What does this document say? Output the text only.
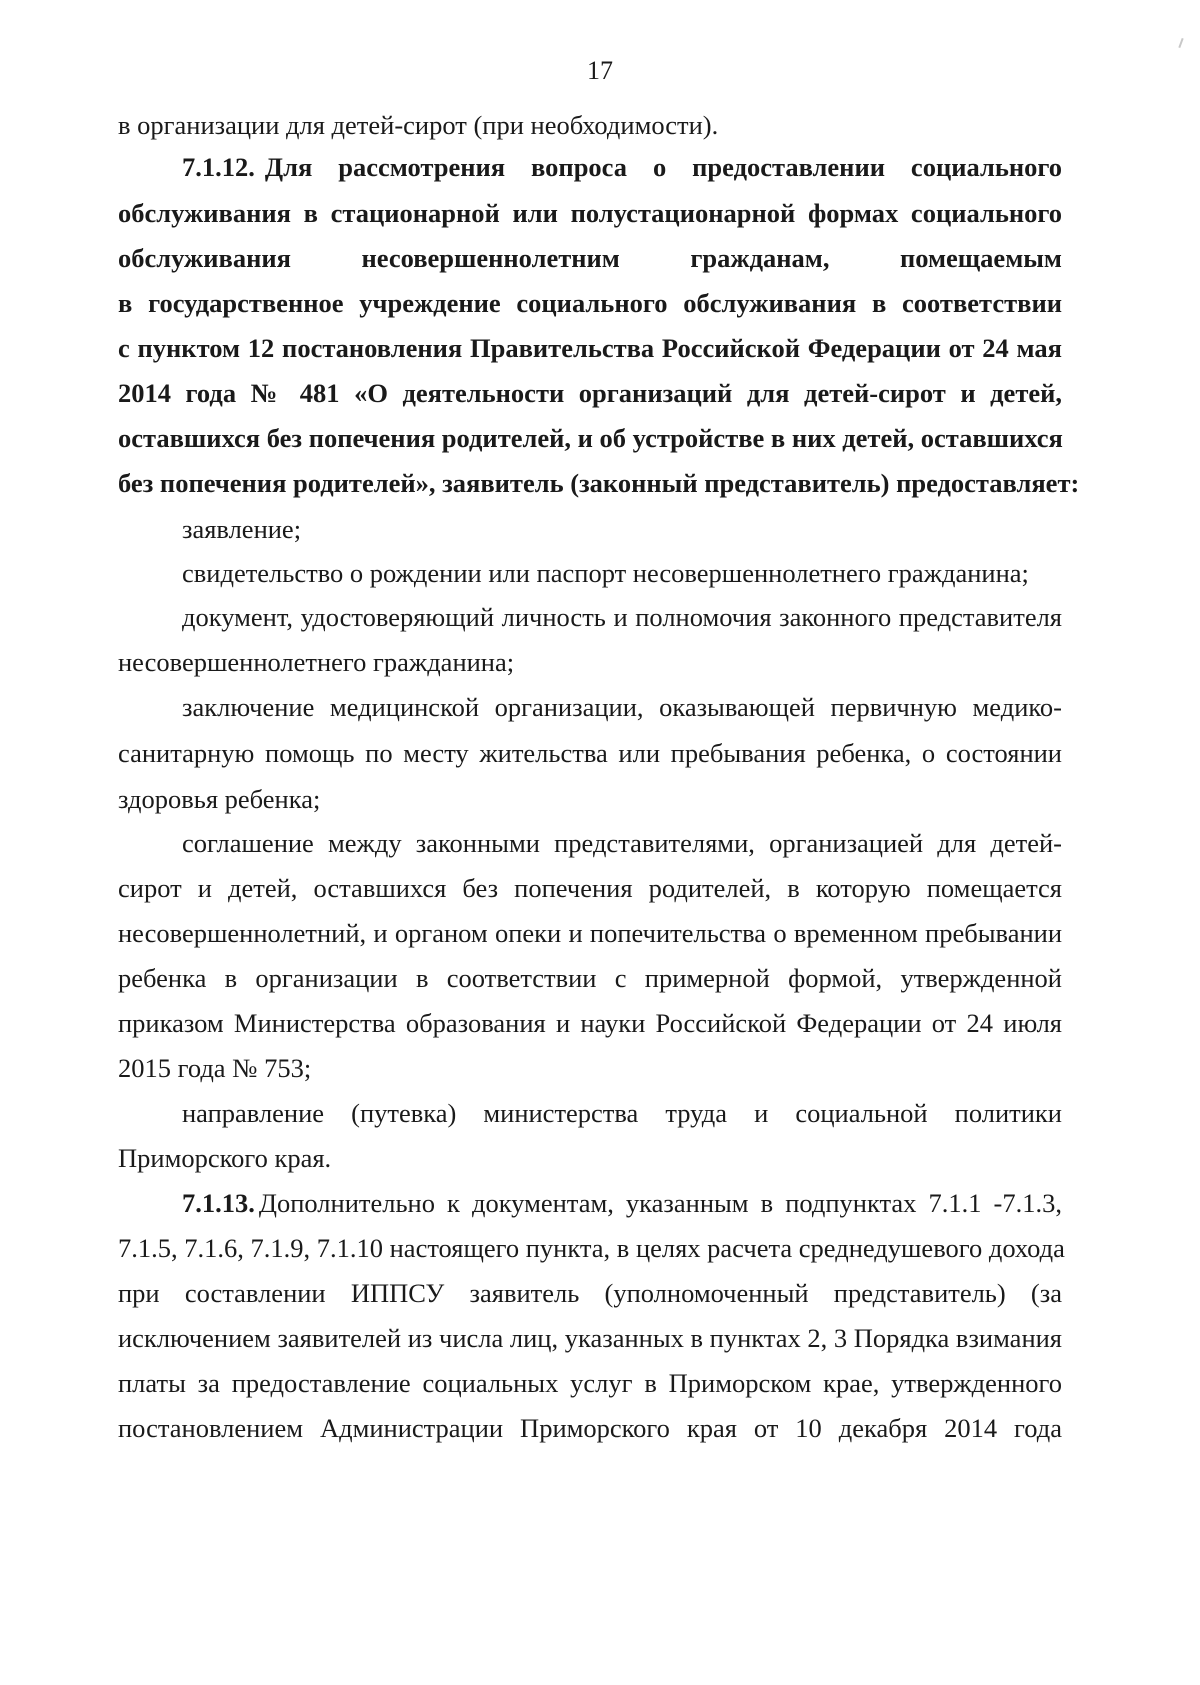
17
в организации для детей-сирот (при необходимости).
7.1.12. Для рассмотрения вопроса о предоставлении социального
обслуживания в стационарной или полустационарной формах социального
обслуживания несовершеннолетним гражданам, помещаемым
в государственное учреждение социального обслуживания в соответствии
с пунктом 12 постановления Правительства Российской Федерации от 24 мая
2014 года № 481 «О деятельности организаций для детей-сирот и детей,
оставшихся без попечения родителей, и об устройстве в них детей, оставшихся
без попечения родителей», заявитель (законный представитель) предоставляет:
заявление;
свидетельство о рождении или паспорт несовершеннолетнего гражданина;
документ, удостоверяющий личность и полномочия законного представителя
несовершеннолетнего гражданина;
заключение медицинской организации, оказывающей первичную медико-
санитарную помощь по месту жительства или пребывания ребенка, о состоянии
здоровья ребенка;
соглашение между законными представителями, организацией для детей-
сирот и детей, оставшихся без попечения родителей, в которую помещается
несовершеннолетний, и органом опеки и попечительства о временном пребывании
ребенка в организации в соответствии с примерной формой, утвержденной
приказом Министерства образования и науки Российской Федерации от 24 июля
2015 года № 753;
направление (путевка) министерства труда и социальной политики
Приморского края.
7.1.13. Дополнительно к документам, указанным в подпунктах 7.1.1 -7.1.3,
7.1.5, 7.1.6, 7.1.9, 7.1.10 настоящего пункта, в целях расчета среднедушевого дохода
при составлении ИППСУ заявитель (уполномоченный представитель) (за
исключением заявителей из числа лиц, указанных в пунктах 2, 3 Порядка взимания
платы за предоставление социальных услуг в Приморском крае, утвержденного
постановлением Администрации Приморского края от 10 декабря 2014 года
